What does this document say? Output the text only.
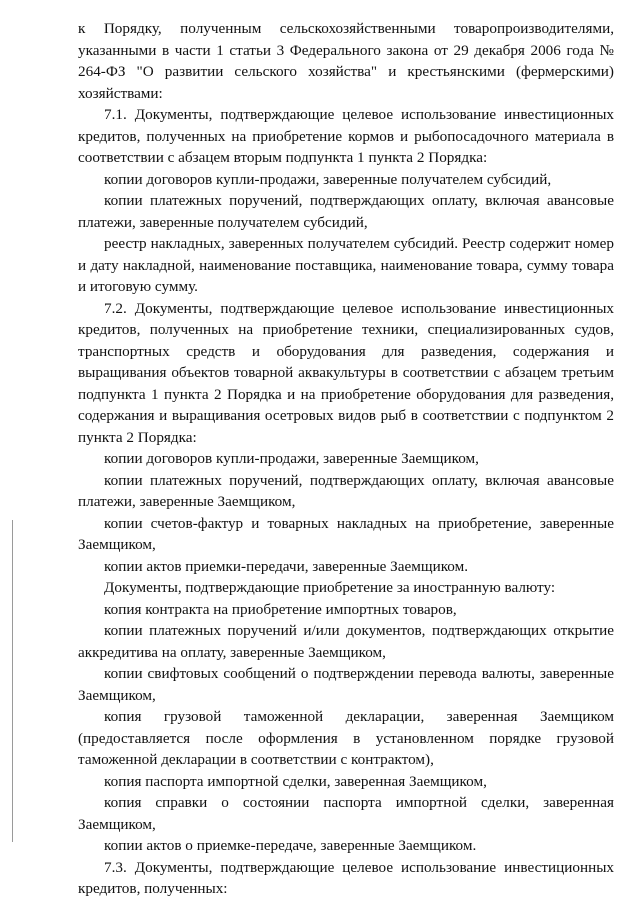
к Порядку, полученным сельскохозяйственными товаропроизводителями, указанными в части 1 статьи 3 Федерального закона от 29 декабря 2006 года № 264-ФЗ "О развитии сельского хозяйства" и крестьянскими (фермерскими) хозяйствами:

7.1. Документы, подтверждающие целевое использование инвестиционных кредитов, полученных на приобретение кормов и рыбопосадочного материала в соответствии с абзацем вторым подпункта 1 пункта 2 Порядка:

копии договоров купли-продажи, заверенные получателем субсидий,

копии платежных поручений, подтверждающих оплату, включая авансовые платежи, заверенные получателем субсидий,

реестр накладных, заверенных получателем субсидий. Реестр содержит номер и дату накладной, наименование поставщика, наименование товара, сумму товара и итоговую сумму.

7.2. Документы, подтверждающие целевое использование инвестиционных кредитов, полученных на приобретение техники, специализированных судов, транспортных средств и оборудования для разведения, содержания и выращивания объектов товарной аквакультуры в соответствии с абзацем третьим подпункта 1 пункта 2 Порядка и на приобретение оборудования для разведения, содержания и выращивания осетровых видов рыб в соответствии с подпунктом 2 пункта 2 Порядка:

копии договоров купли-продажи, заверенные Заемщиком,

копии платежных поручений, подтверждающих оплату, включая авансовые платежи, заверенные Заемщиком,

копии счетов-фактур и товарных накладных на приобретение, заверенные Заемщиком,

копии актов приемки-передачи, заверенные Заемщиком.

Документы, подтверждающие приобретение за иностранную валюту:

копия контракта на приобретение импортных товаров,

копии платежных поручений и/или документов, подтверждающих открытие аккредитива на оплату, заверенные Заемщиком,

копии свифтовых сообщений о подтверждении перевода валюты, заверенные Заемщиком,

копия грузовой таможенной декларации, заверенная Заемщиком (предоставляется после оформления в установленном порядке грузовой таможенной декларации в соответствии с контрактом),

копия паспорта импортной сделки, заверенная Заемщиком,

копия справки о состоянии паспорта импортной сделки, заверенная Заемщиком,

копии актов о приемке-передаче, заверенные Заемщиком.

7.3. Документы, подтверждающие целевое использование инвестиционных кредитов, полученных:
